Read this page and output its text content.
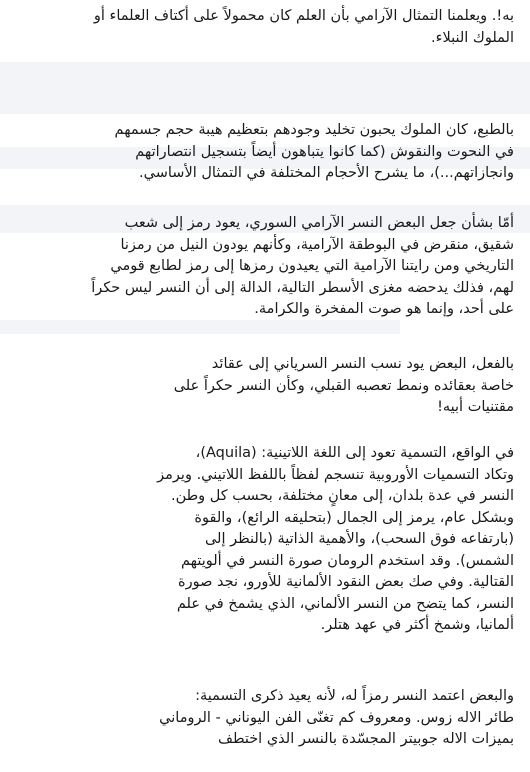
به!. ويعلمنا التمثال الآرامي بأن العلم كان محمولاً على أكتاف العلماء أو
الملوك النبلاء.
بالطبع، كان الملوك يحبون تخليد وجودهم بتعظيم هيبة حجم جسمهم
في النحوت والنقوش (كما كانوا يتباهون أيضاً بتسجيل انتصاراتهم
وانجازاتهم...)، ما يشرح الأحجام المختلفة في التمثال الأساسي.
أمّا بشأن جعل البعض النسر الآرامي السوري، يعود رمز إلى شعب
شقيق، منقرض في البوطقة الآرامية، وكأنهم يودون النيل من رمزنا
التاريخي ومن رايتنا الآرامية التي يعيدون رمزها إلى رمز لطابع قومي
لهم، فذلك يدحضه مغزى الأسطر التالية، الدالة إلى أن النسر ليس حكراً
على أحد، وإنما هو صوت المفخرة والكرامة.
بالفعل، البعض يود نسب النسر السرياني إلى عقائد
خاصة بعقائده ونمط تعصبه القبلي، وكأن النسر حكراً على
مقتنيات أبيه!
في الواقع، التسمية تعود إلى اللغة اللاتينية: (Aquila)،
وتكاد التسميات الأوروبية تنسجم لفظاً باللفظ اللاتيني. ويرمز
النسر في عدة بلدان، إلى معانٍ مختلفة، بحسب كل وطن.
وبشكل عام، يرمز إلى الجمال (بتحليقه الرائع)، والقوة
(بارتفاعه فوق السحب)، والأهمية الذاتية (بالنظر إلى
الشمس). وقد استخدم الرومان صورة النسر في ألويتهم
القتالية. وفي صك بعض النقود الألمانية للأورو، نجد صورة
النسر، كما يتضح من النسر الألماني، الذي يشمخ في علم
ألمانيا، وشمخ أكثر في عهد هتلر.
والبعض اعتمد النسر رمزاً له، لأنه يعيد ذكرى التسمية:
طائر الاله زوس. ومعروف كم تغنّى الفن اليوناني - الروماني
بميزات الاله جوبيتر المجسّدة بالنسر الذي اختطف
